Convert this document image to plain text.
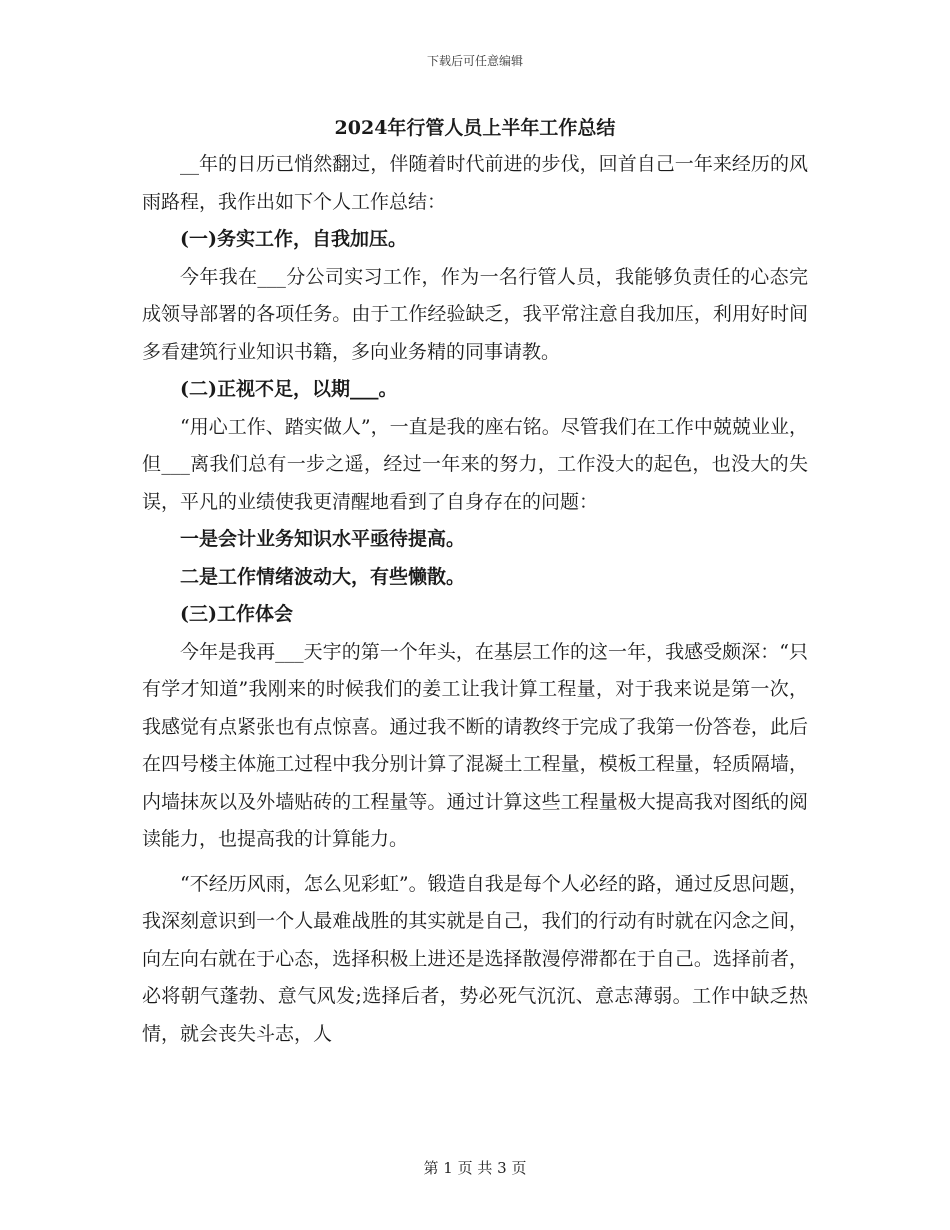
下载后可任意编辑
2024年行管人员上半年工作总结

__年的日历已悄然翻过，伴随着时代前进的步伐，回首自己一年来经历的风雨路程，我作出如下个人工作总结：

(一)务实工作，自我加压。

今年我在___分公司实习工作，作为一名行管人员，我能够负责任的心态完成领导部署的各项任务。由于工作经验缺乏，我平常注意自我加压，利用好时间多看建筑行业知识书籍，多向业务精的同事请教。

(二)正视不足，以期___。

“用心工作、踏实做人”，一直是我的座右铭。尽管我们在工作中兢兢业业，但___离我们总有一步之遥，经过一年来的努力，工作没大的起色，也没大的失误，平凡的业绩使我更清醒地看到了自身存在的问题：

一是会计业务知识水平亟待提高。

二是工作情绪波动大，有些懒散。

(三)工作体会

今年是我再___天宇的第一个年头，在基层工作的这一年，我感受颇深：“只有学才知道”我刚来的时候我们的姜工让我计算工程量，对于我来说是第一次，我感觉有点紧张也有点惊喜。通过我不断的请教终于完成了我第一份答卷，此后在四号楼主体施工过程中我分别计算了混凝土工程量，模板工程量，轻质隔墙，内墙抹灰以及外墙贴砖的工程量等。通过计算这些工程量极大提高我对图纸的阅读能力，也提高我的计算能力。

“不经历风雨，怎么见彩虹”。锻造自我是每个人必经的路，通过反思问题，我深刻意识到一个人最难战胜的其实就是自己，我们的行动有时就在闪念之间，向左向右就在于心态，选择积极上进还是选择散漫停滞都在于自己。选择前者，必将朝气蓬勃、意气风发;选择后者，势必死气沉沉、意志薄弱。工作中缺乏热情，就会丧失斗志，人

第 1 页 共 3 页
